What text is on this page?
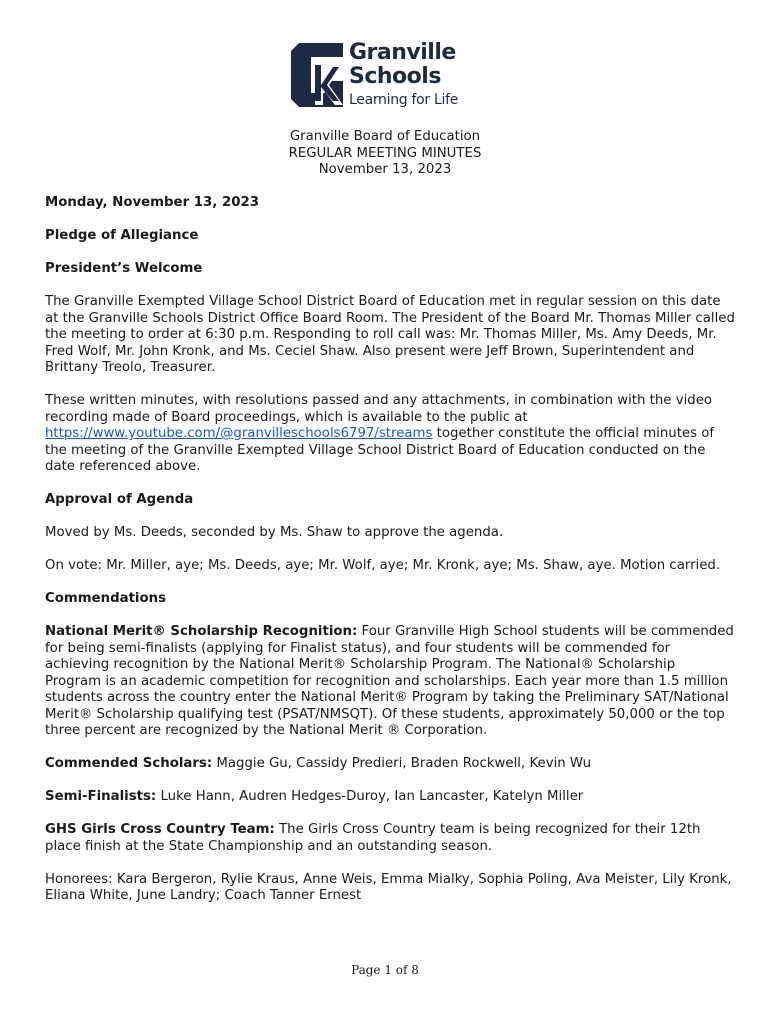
Granville
Schools
Learning for Life
Granville Board of Education
REGULAR MEETING MINUTES
November 13, 2023

Monday, November 13, 2023

Pledge of Allegiance

President’s Welcome

The Granville Exempted Village School District Board of Education met in regular session on this date at the Granville Schools District Office Board Room. The President of the Board Mr. Thomas Miller called the meeting to order at 6:30 p.m. Responding to roll call was: Mr. Thomas Miller, Ms. Amy Deeds, Mr. Fred Wolf, Mr. John Kronk, and Ms. Ceciel Shaw. Also present were Jeff Brown, Superintendent and Brittany Treolo, Treasurer.

These written minutes, with resolutions passed and any attachments, in combination with the video recording made of Board proceedings, which is available to the public at https://www.youtube.com/@granvilleschools6797/streams together constitute the official minutes of the meeting of the Granville Exempted Village School District Board of Education conducted on the date referenced above.

Approval of Agenda

Moved by Ms. Deeds, seconded by Ms. Shaw to approve the agenda.

On vote: Mr. Miller, aye; Ms. Deeds, aye; Mr. Wolf, aye; Mr. Kronk, aye; Ms. Shaw, aye. Motion carried.

Commendations

National Merit® Scholarship Recognition: Four Granville High School students will be commended for being semi-finalists (applying for Finalist status), and four students will be commended for achieving recognition by the National Merit® Scholarship Program. The National® Scholarship Program is an academic competition for recognition and scholarships. Each year more than 1.5 million students across the country enter the National Merit® Program by taking the Preliminary SAT/National Merit® Scholarship qualifying test (PSAT/NMSQT). Of these students, approximately 50,000 or the top three percent are recognized by the National Merit ® Corporation.

Commended Scholars: Maggie Gu, Cassidy Predieri, Braden Rockwell, Kevin Wu

Semi-Finalists: Luke Hann, Audren Hedges-Duroy, Ian Lancaster, Katelyn Miller

GHS Girls Cross Country Team: The Girls Cross Country team is being recognized for their 12th place finish at the State Championship and an outstanding season.

Honorees: Kara Bergeron, Rylie Kraus, Anne Weis, Emma Mialky, Sophia Poling, Ava Meister, Lily Kronk, Eliana White, June Landry; Coach Tanner Ernest

Page 1 of 8
